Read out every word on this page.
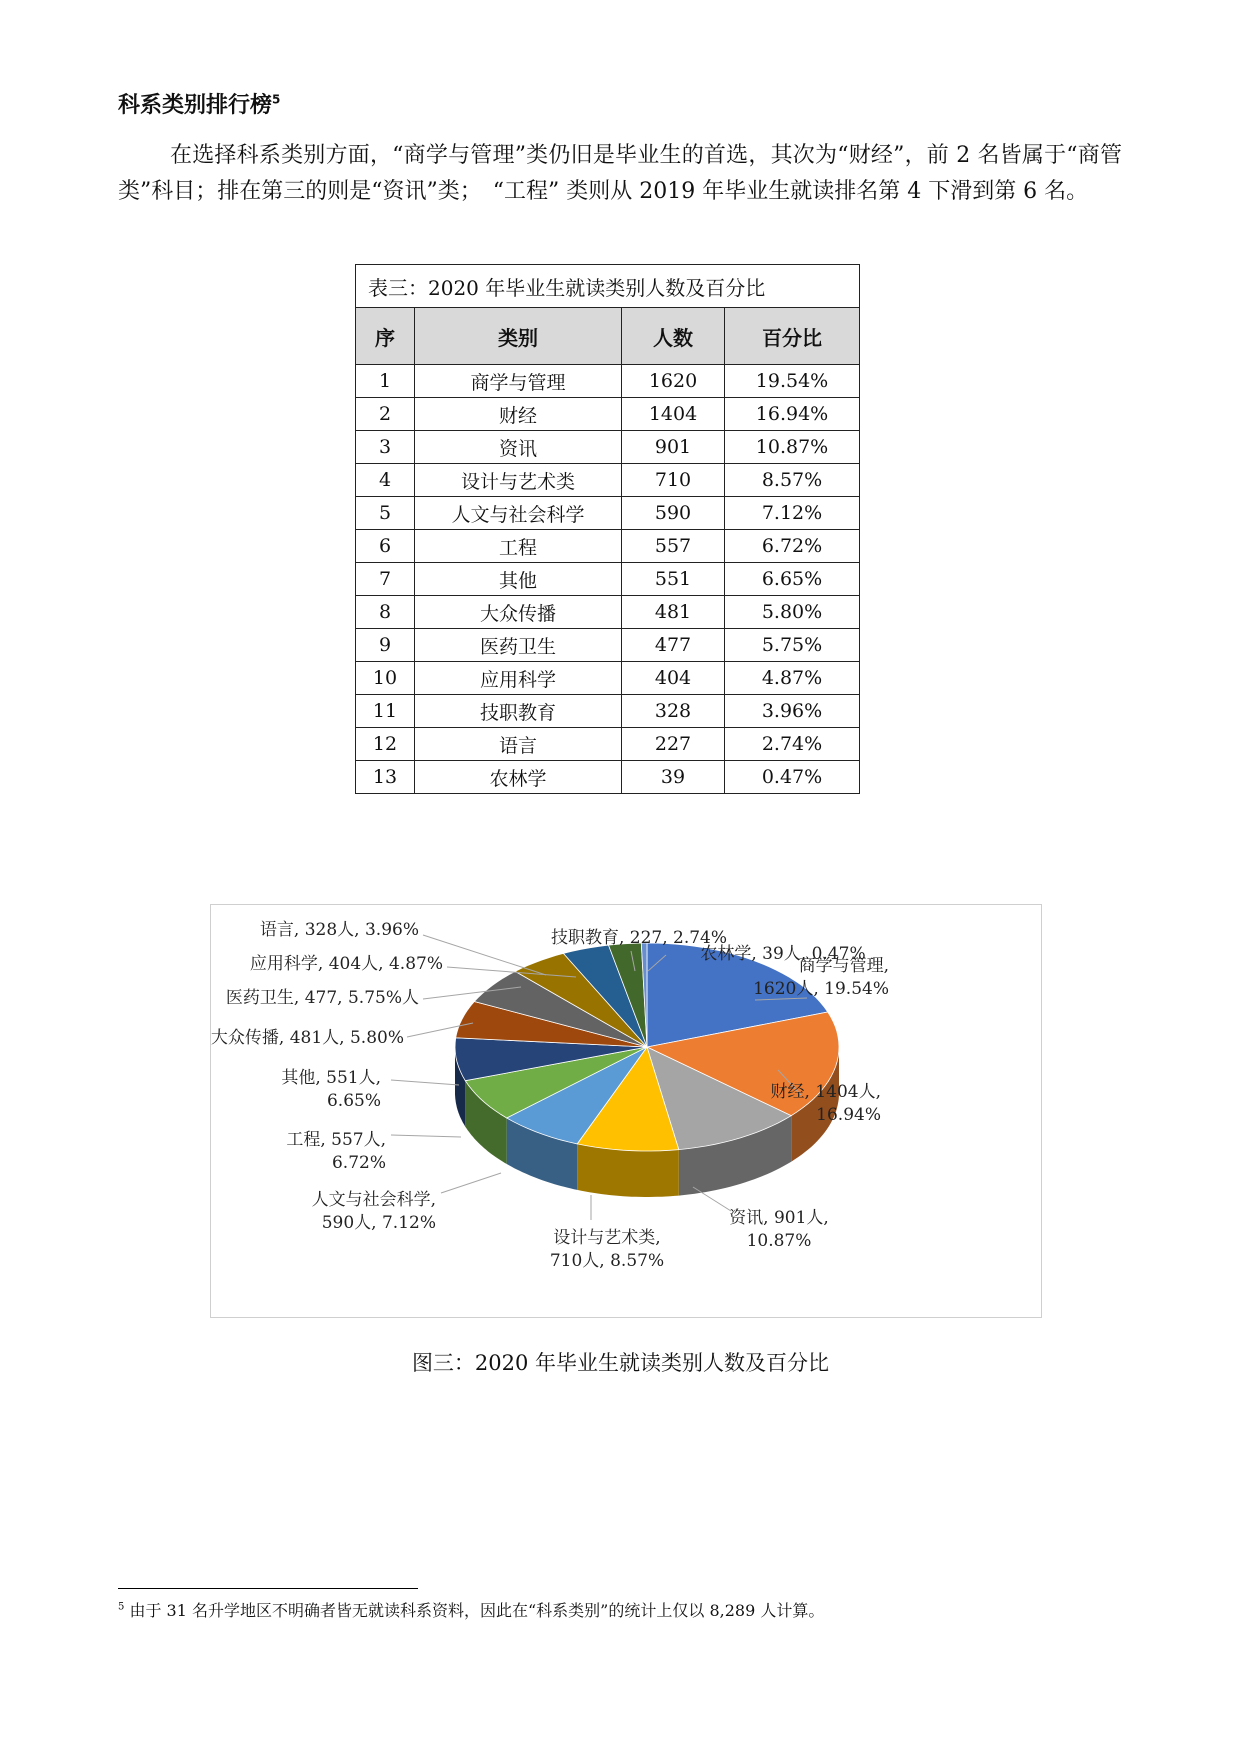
科系类别排行榜$^5$
在选择科系类别方面，“商学与管理”类仍旧是毕业生的首选，其次为“财经”，前 2 名皆属于“商管类”科目；排在第三的则是“资讯”类；　“工程” 类则从 2019 年毕业生就读排名第 4 下滑到第 6 名。
表三：2020 年毕业生就读类别人数及百分比			
序	类别	人数	百分比
1	商学与管理	1620	19.54%
2	财经	1404	16.94%
3	资讯	901	10.87%
4	设计与艺术类	710	8.57%
5	人文与社会科学	590	7.12%
6	工程	557	6.72%
7	其他	551	6.65%
8	大众传播	481	5.80%
9	医药卫生	477	5.75%
10	应用科学	404	4.87%
11	技职教育	328	3.96%
12	语言	227	2.74%
13	农林学	39	0.47%
商学与管理, 1620人, 19.54%
财经, 1404人, 16.94%
资讯, 901人, 10.87%
设计与艺术类, 710人, 8.57%
人文与社会科学, 590人, 7.12%
工程, 557人, 6.72%
其他, 551人, 6.65%
大众传播, 481人, 5.80%
医药卫生, 477, 5.75%人
应用科学, 404人, 4.87%
语言, 328人, 3.96%	技职教育, 227, 2.74%
农林学, 39人, 0.47%
图三：2020 年毕业生就读类别人数及百分比
$^5$ 由于 31 名升学地区不明确者皆无就读科系资料，因此在“科系类别”的统计上仅以 8,289 人计算。
